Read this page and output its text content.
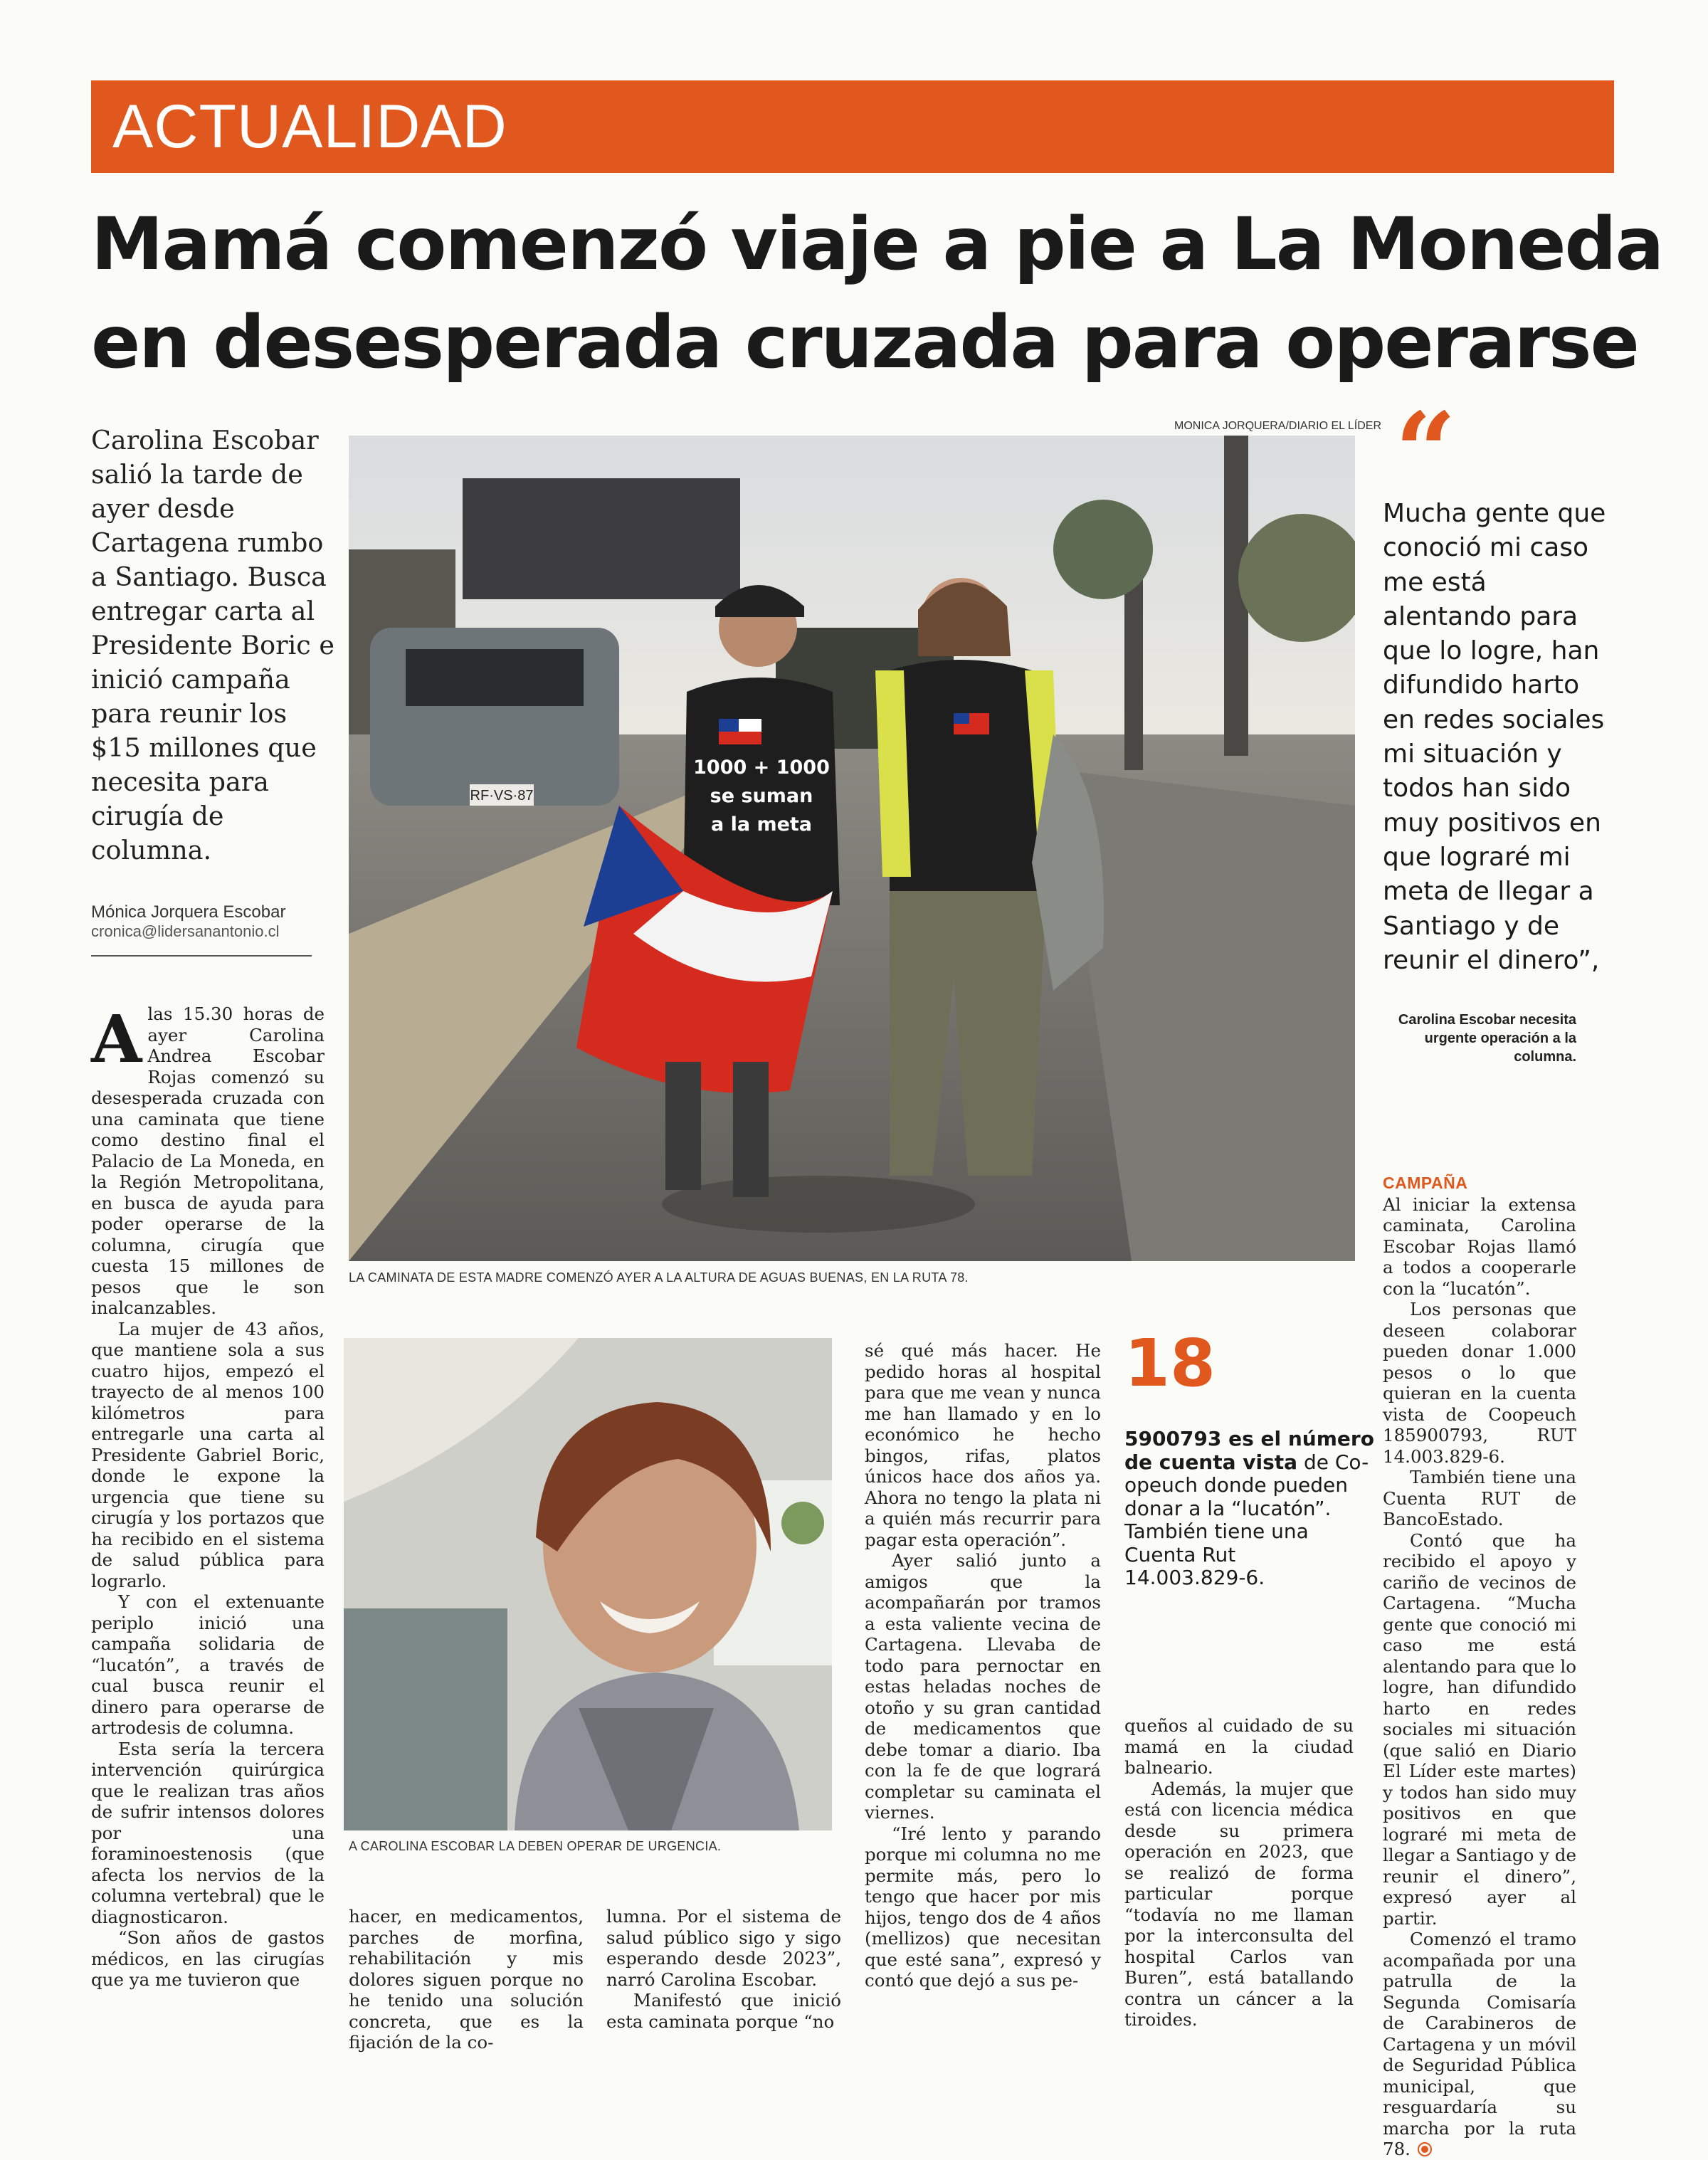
ACTUALIDAD
Mamá comenzó viaje a pie a La Moneda
en desesperada cruzada para operarse
Carolina Escobar
salió la tarde de
ayer desde
Cartagena rumbo
a Santiago. Busca
entregar carta al
Presidente Boric e
inició campaña
para reunir los
$15 millones que
necesita para
cirugía de
columna.
Mónica Jorquera Escobar
cronica@lidersanantonio.cl
MONICA JORQUERA/DIARIO EL LÍDER
RF·VS·87
1000 + 1000
se suman
a la meta
LA CAMINATA DE ESTA MADRE COMENZÓ AYER A LA ALTURA DE AGUAS BUENAS, EN LA RUTA 78.
“
Mucha gente que
conoció mi caso
me está
alentando para
que lo logre, han
difundido harto
en redes sociales
mi situación y
todos han sido
muy positivos en
que lograré mi
meta de llegar a
Santiago y de
reunir el dinero”,
Carolina Escobar necesita
urgente operación a la columna.

Alas 15.30 horas de ayer Carolina Andrea Escobar Rojas comenzó su desesperada cruzada con una caminata que tiene como destino final el Palacio de La Moneda, en la Región Metropolitana, en busca de ayuda para poder operarse de la columna, cirugía que cuesta 15 millones de pesos que le son inalcanzables.

La mujer de 43 años, que mantiene sola a sus cuatro hijos, empezó el trayecto de al menos 100 kilómetros para entregarle una carta al Presidente Gabriel Boric, donde le expone la urgencia que tiene su cirugía y los portazos que ha recibido en el sistema de salud pública para lograrlo.

Y con el extenuante periplo inició una campaña solidaria de “lucatón”, a través de cual busca reunir el dinero para operarse de artrodesis de columna.

Esta sería la tercera intervención quirúrgica que le realizan tras años de sufrir intensos dolores por una foraminoestenosis (que afecta los nervios de la columna vertebral) que le diagnosticaron.

“Son años de gastos médicos, en las cirugías que ya me tuvieron que

A CAROLINA ESCOBAR LA DEBEN OPERAR DE URGENCIA.

hacer, en medicamentos, parches de morfina, rehabilitación y mis dolores siguen porque no he tenido una solución concreta, que es la fijación de la co-

lumna. Por el sistema de salud público sigo y sigo esperando desde 2023”, narró Carolina Escobar.

Manifestó que inició esta caminata porque “no

sé qué más hacer. He pedido horas al hospital para que me vean y nunca me han llamado y en lo económico he hecho bingos, rifas, platos únicos hace dos años ya. Ahora no tengo la plata ni a quién más recurrir para pagar esta operación”.

Ayer salió junto a amigos que la acompañarán por tramos a esta valiente vecina de Cartagena. Llevaba de todo para pernoctar en estas heladas noches de otoño y su gran cantidad de medicamentos que debe tomar a diario. Iba con la fe de que logrará completar su caminata el viernes.

“Iré lento y parando porque mi columna no me permite más, pero lo tengo que hacer por mis hijos, tengo dos de 4 años (mellizos) que necesitan que esté sana”, expresó y contó que dejó a sus pe-

18
5900793 es el número
de cuenta vista de Co-
opeuch donde pueden
donar a la “lucatón”.
También tiene una
Cuenta Rut
14.003.829-6.

queños al cuidado de su mamá en la ciudad balneario.

Además, la mujer que está con licencia médica desde su primera operación en 2023, que se realizó de forma particular porque “todavía no me llaman por la interconsulta del hospital Carlos van Buren”, está batallando contra un cáncer a la tiroides.

CAMPAÑA

Al iniciar la extensa caminata, Carolina Escobar Rojas llamó a todos a cooperarle con la “lucatón”.

Los personas que deseen colaborar pueden donar 1.000 pesos o lo que quieran en la cuenta vista de Coopeuch 185900793, RUT 14.003.829-6.

También tiene una Cuenta RUT de BancoEstado.

Contó que ha recibido el apoyo y cariño de vecinos de Cartagena. “Mucha gente que conoció mi caso me está alentando para que lo logre, han difundido harto en redes sociales mi situación (que salió en Diario El Líder este martes) y todos han sido muy positivos en que lograré mi meta de llegar a Santiago y de reunir el dinero”, expresó ayer al partir.

Comenzó el tramo acompañada por una patrulla de la Segunda Comisaría de Carabineros de Cartagena y un móvil de Seguridad Pública municipal, que resguardaría su marcha por la ruta 78.
